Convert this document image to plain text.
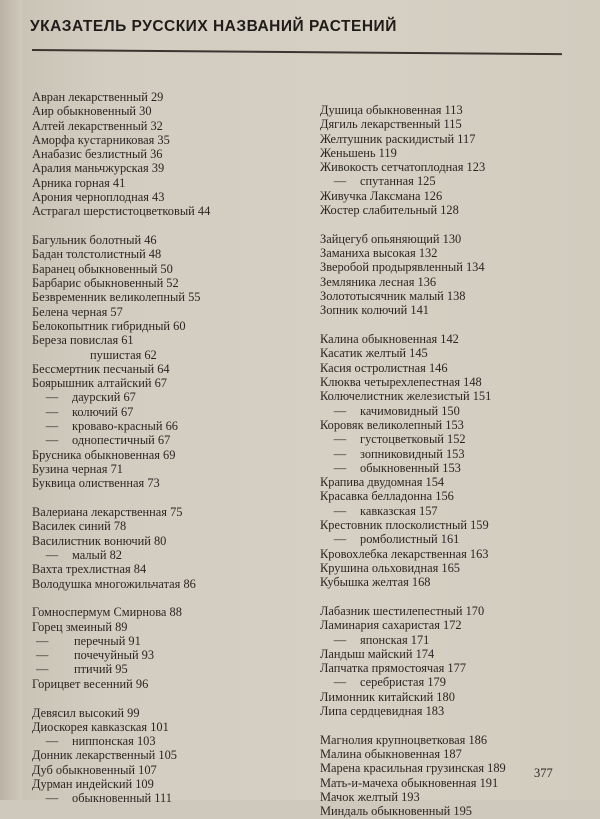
УКАЗАТЕЛЬ РУССКИХ НАЗВАНИЙ РАСТЕНИЙ
Авран лекарственный 29
Аир обыкновенный 30
Алтей лекарственный 32
Аморфа кустарниковая 35
Анабазис безлистный 36
Аралия маньчжурская 39
Арника горная 41
Арония черноплодная 43
Астрагал шерстистоцветковый 44
Багульник болотный 46
Бадан толстолистный 48
Баранец обыкновенный 50
Барбарис обыкновенный 52
Безвременник великолепный 55
Белена черная 57
Белокопытник гибридный 60
Береза повислая 61
пушистая 62
Бессмертник песчаный 64
Боярышник алтайский 67
— даурский 67
— колючий 67
— кроваво-красный 66
— однопестичный 67
Брусника обыкновенная 69
Бузина черная 71
Буквица олиственная 73
Валериана лекарственная 75
Василек синий 78
Василистник вонючий 80
— малый 82
Вахта трехлистная 84
Володушка многожильчатая 86
Гомноспермум Смирнова 88
Горец змеиный 89
— перечный 91
— почечуйный 93
— птичий 95
Горицвет весенний 96
Девясил высокий 99
Диоскорея кавказская 101
— ниппонская 103
Донник лекарственный 105
Дуб обыкновенный 107
Дурман индейский 109
— обыкновенный 111
Душица обыкновенная 113
Дягиль лекарственный 115
Желтушник раскидистый 117
Женьшень 119
Живокость сетчатоплодная 123
— спутанная 125
Живучка Лаксмана 126
Жостер слабительный 128
Зайцегуб опьяняющий 130
Заманиха высокая 132
Зверобой продырявленный 134
Земляника лесная 136
Золототысячник малый 138
Зопник колючий 141
Калина обыкновенная 142
Касатик желтый 145
Касия остролистная 146
Клюква четырехлепестная 148
Колючелистник железистый 151
— качимовидный 150
Коровяк великолепный 153
— густоцветковый 152
— зопниковидный 153
— обыкновенный 153
Крапива двудомная 154
Красавка белладонна 156
— кавказская 157
Крестовник плосколистный 159
— ромболистный 161
Кровохлебка лекарственная 163
Крушина ольховидная 165
Кубышка желтая 168
Лабазник шестилепестный 170
Ламинария сахаристая 172
— японская 171
Ландыш майский 174
Лапчатка прямостоячая 177
— серебристая 179
Лимонник китайский 180
Липа сердцевидная 183
Магнолия крупноцветковая 186
Малина обыкновенная 187
Марена красильная грузинская 189
Мать-и-мачеха обыкновенная 191
Мачок желтый 193
Миндаль обыкновенный 195
377
